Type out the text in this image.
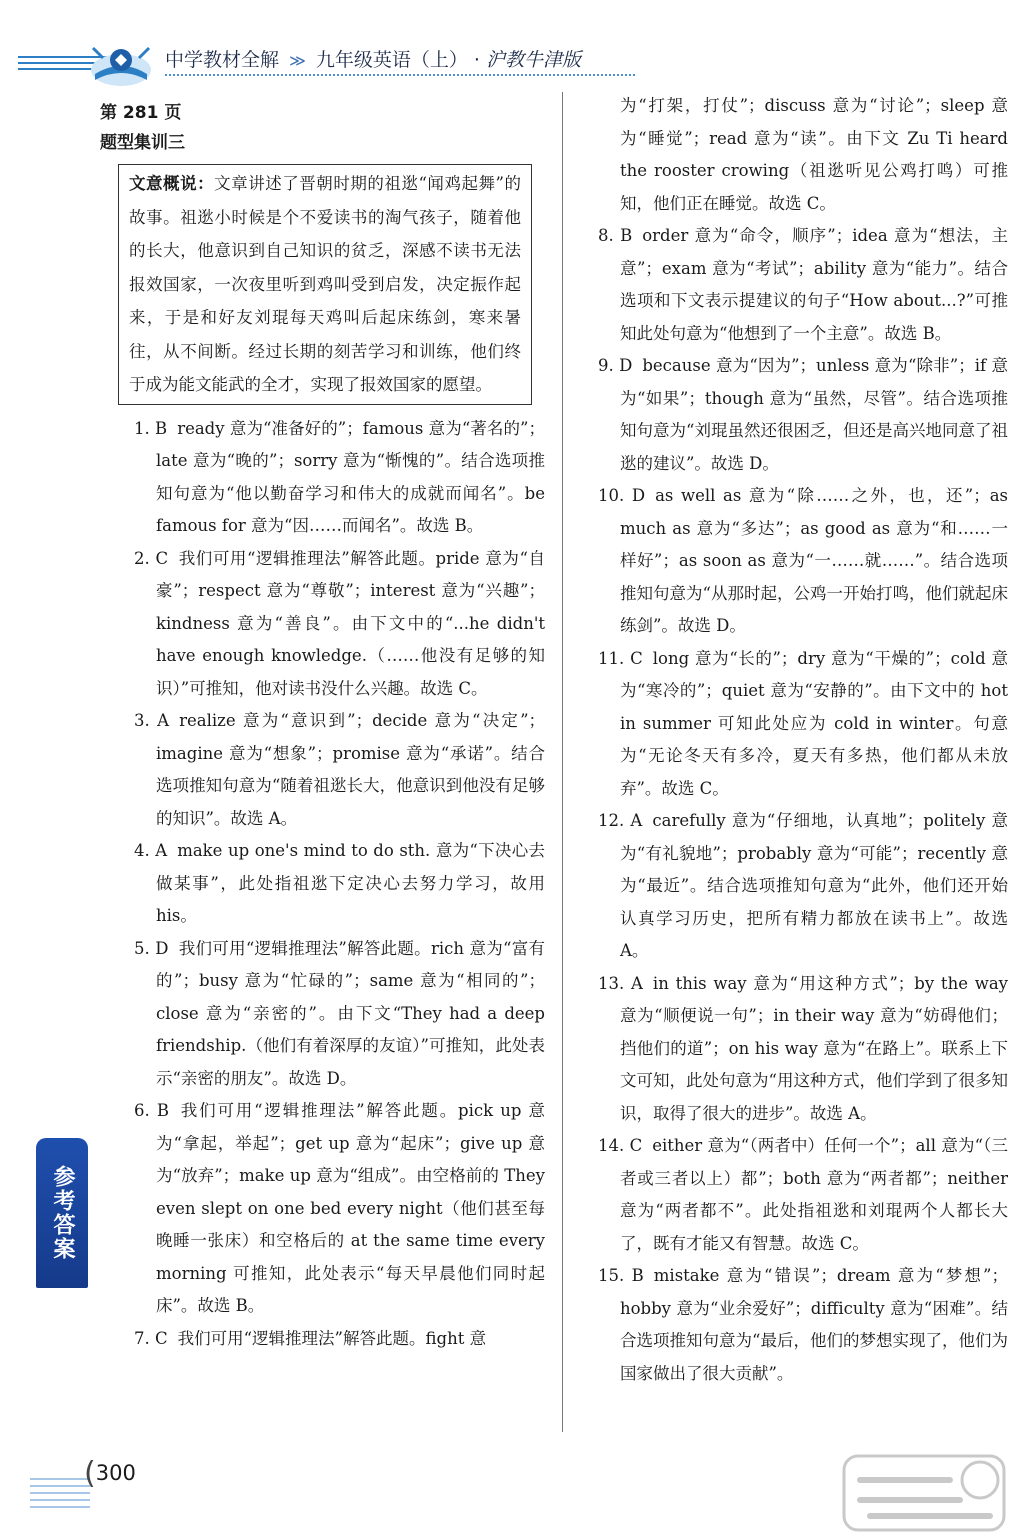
中学教材全解 ≫ 九年级英语（上） · 沪教牛津版
第 281 页
题型集训三
文意概说：文章讲述了晋朝时期的祖逖“闻鸡起舞”的故事。祖逖小时候是个不爱读书的淘气孩子，随着他的长大，他意识到自己知识的贫乏，深感不读书无法报效国家，一次夜里听到鸡叫受到启发，决定振作起来，于是和好友刘琨每天鸡叫后起床练剑，寒来暑往，从不间断。经过长期的刻苦学习和训练，他们终于成为能文能武的全才，实现了报效国家的愿望。

1. B ready 意为“准备好的”；famous 意为“著名的”；late 意为“晚的”；sorry 意为“惭愧的”。结合选项推知句意为“他以勤奋学习和伟大的成就而闻名”。be famous for 意为“因……而闻名”。故选 B。

2. C 我们可用“逻辑推理法”解答此题。pride 意为“自豪”；respect 意为“尊敬”；interest 意为“兴趣”；kindness 意为“善良”。由下文中的“...he didn't have enough knowledge.（……他没有足够的知识）”可推知，他对读书没什么兴趣。故选 C。

3. A realize 意为“意识到”；decide 意为“决定”；imagine 意为“想象”；promise 意为“承诺”。结合选项推知句意为“随着祖逖长大，他意识到他没有足够的知识”。故选 A。

4. A make up one's mind to do sth. 意为“下决心去做某事”，此处指祖逖下定决心去努力学习，故用 his。

5. D 我们可用“逻辑推理法”解答此题。rich 意为“富有的”；busy 意为“忙碌的”；same 意为“相同的”；close 意为“亲密的”。由下文“They had a deep friendship.（他们有着深厚的友谊）”可推知，此处表示“亲密的朋友”。故选 D。

6. B 我们可用“逻辑推理法”解答此题。pick up 意为“拿起，举起”；get up 意为“起床”；give up 意为“放弃”；make up 意为“组成”。由空格前的 They even slept on one bed every night（他们甚至每晚睡一张床）和空格后的 at the same time every morning 可推知，此处表示“每天早晨他们同时起床”。故选 B。

7. C 我们可用“逻辑推理法”解答此题。fight 意

为“打架，打仗”；discuss 意为“讨论”；sleep 意为“睡觉”；read 意为“读”。由下文 Zu Ti heard the rooster crowing（祖逖听见公鸡打鸣）可推知，他们正在睡觉。故选 C。

8. B order 意为“命令，顺序”；idea 意为“想法，主意”；exam 意为“考试”；ability 意为“能力”。结合选项和下文表示提建议的句子“How about...?”可推知此处句意为“他想到了一个主意”。故选 B。

9. D because 意为“因为”；unless 意为“除非”；if 意为“如果”；though 意为“虽然，尽管”。结合选项推知句意为“刘琨虽然还很困乏，但还是高兴地同意了祖逖的建议”。故选 D。

10. D as well as 意为“除……之外，也，还”；as much as 意为“多达”；as good as 意为“和……一样好”；as soon as 意为“一……就……”。结合选项推知句意为“从那时起，公鸡一开始打鸣，他们就起床练剑”。故选 D。

11. C long 意为“长的”；dry 意为“干燥的”；cold 意为“寒冷的”；quiet 意为“安静的”。由下文中的 hot in summer 可知此处应为 cold in winter。句意为“无论冬天有多冷，夏天有多热，他们都从未放弃”。故选 C。

12. A carefully 意为“仔细地，认真地”；politely 意为“有礼貌地”；probably 意为“可能”；recently 意为“最近”。结合选项推知句意为“此外，他们还开始认真学习历史，把所有精力都放在读书上”。故选 A。

13. A in this way 意为“用这种方式”；by the way 意为“顺便说一句”；in their way 意为“妨碍他们；挡他们的道”；on his way 意为“在路上”。联系上下文可知，此处句意为“用这种方式，他们学到了很多知识，取得了很大的进步”。故选 A。

14. C either 意为“（两者中）任何一个”；all 意为“（三者或三者以上）都”；both 意为“两者都”；neither 意为“两者都不”。此处指祖逖和刘琨两个人都长大了，既有才能又有智慧。故选 C。

15. B mistake 意为“错误”；dream 意为“梦想”；hobby 意为“业余爱好”；difficulty 意为“困难”。结合选项推知句意为“最后，他们的梦想实现了，他们为国家做出了很大贡献”。

参考答案
(300
